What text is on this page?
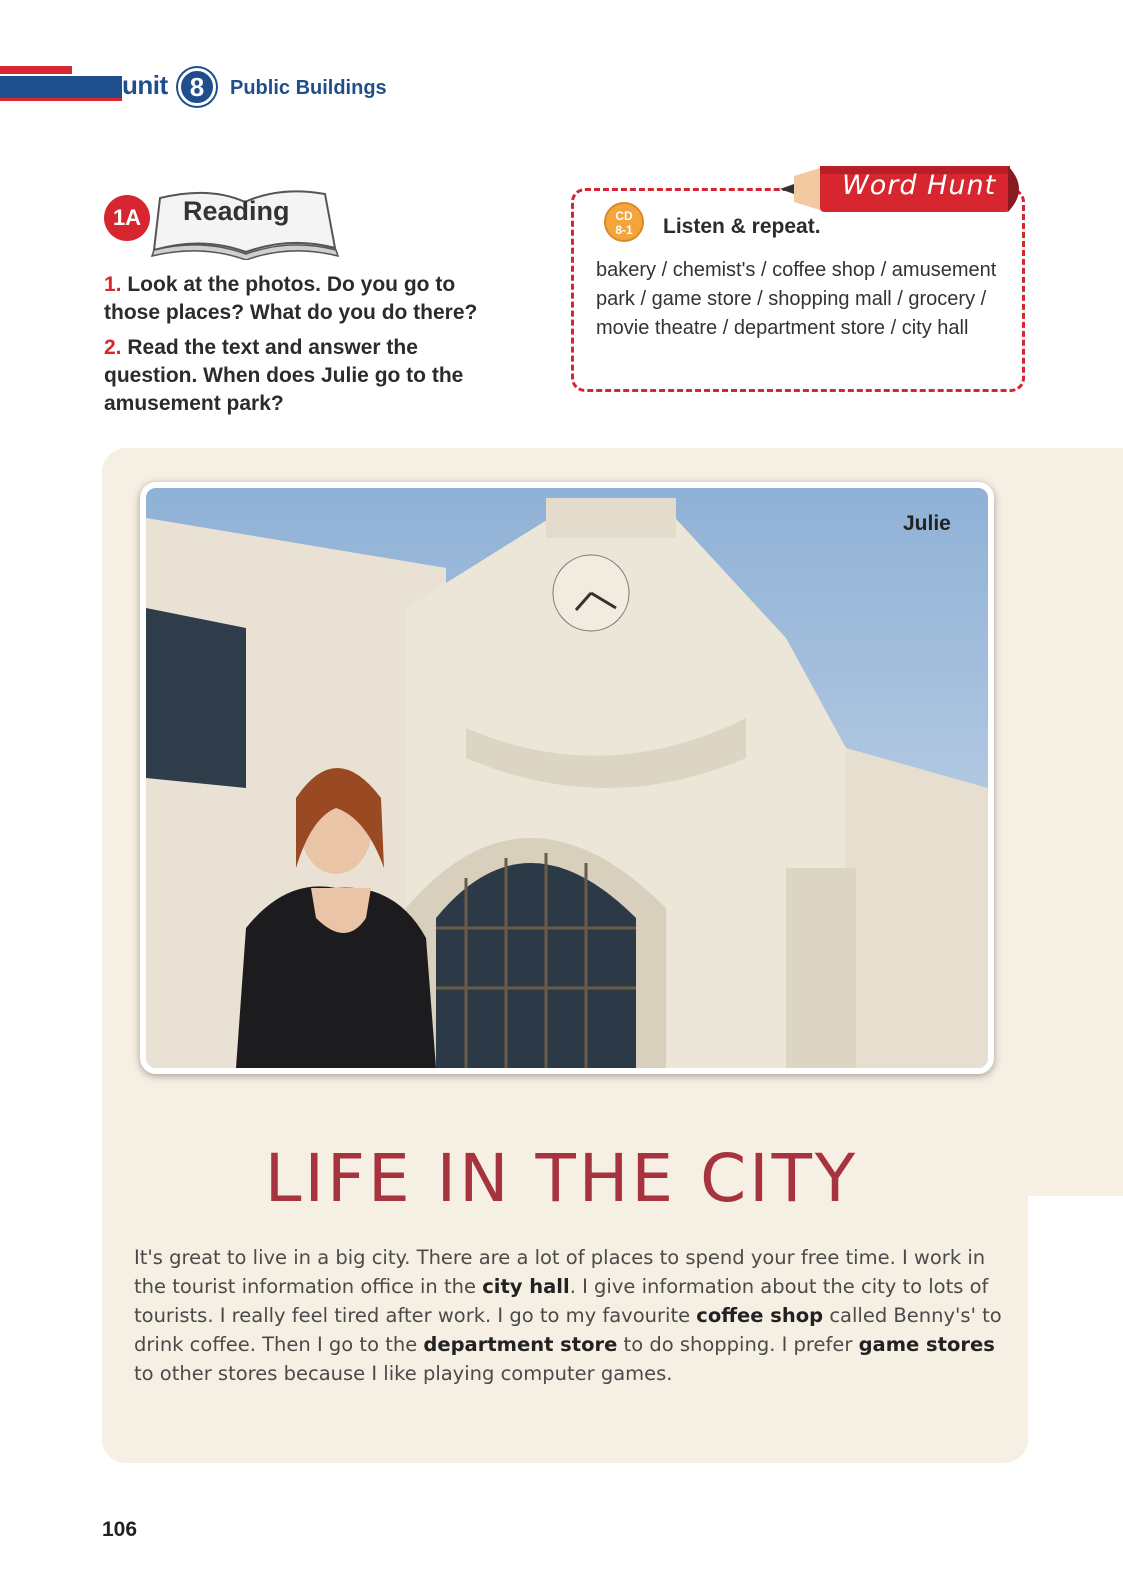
unit 8	Public Buildings
1A	Reading
1. Look at the photos. Do you go to those places? What do you do there?
2. Read the text and answer the question. When does Julie go to the amusement park?
Word Hunt
CD
8-1	Listen & repeat.
bakery / chemist's / coffee shop / amusement park / game store / shopping mall / grocery / movie theatre / department store / city hall
Julie
LIFE IN THE CITY
It's great to live in a big city. There are a lot of places to spend your free time. I work in the tourist information office in the city hall. I give information about the city to lots of tourists. I really feel tired after work. I go to my favourite coffee shop called Benny's' to drink coffee. Then I go to the department store to do shopping. I prefer game stores to other stores because I like playing computer games.
106
